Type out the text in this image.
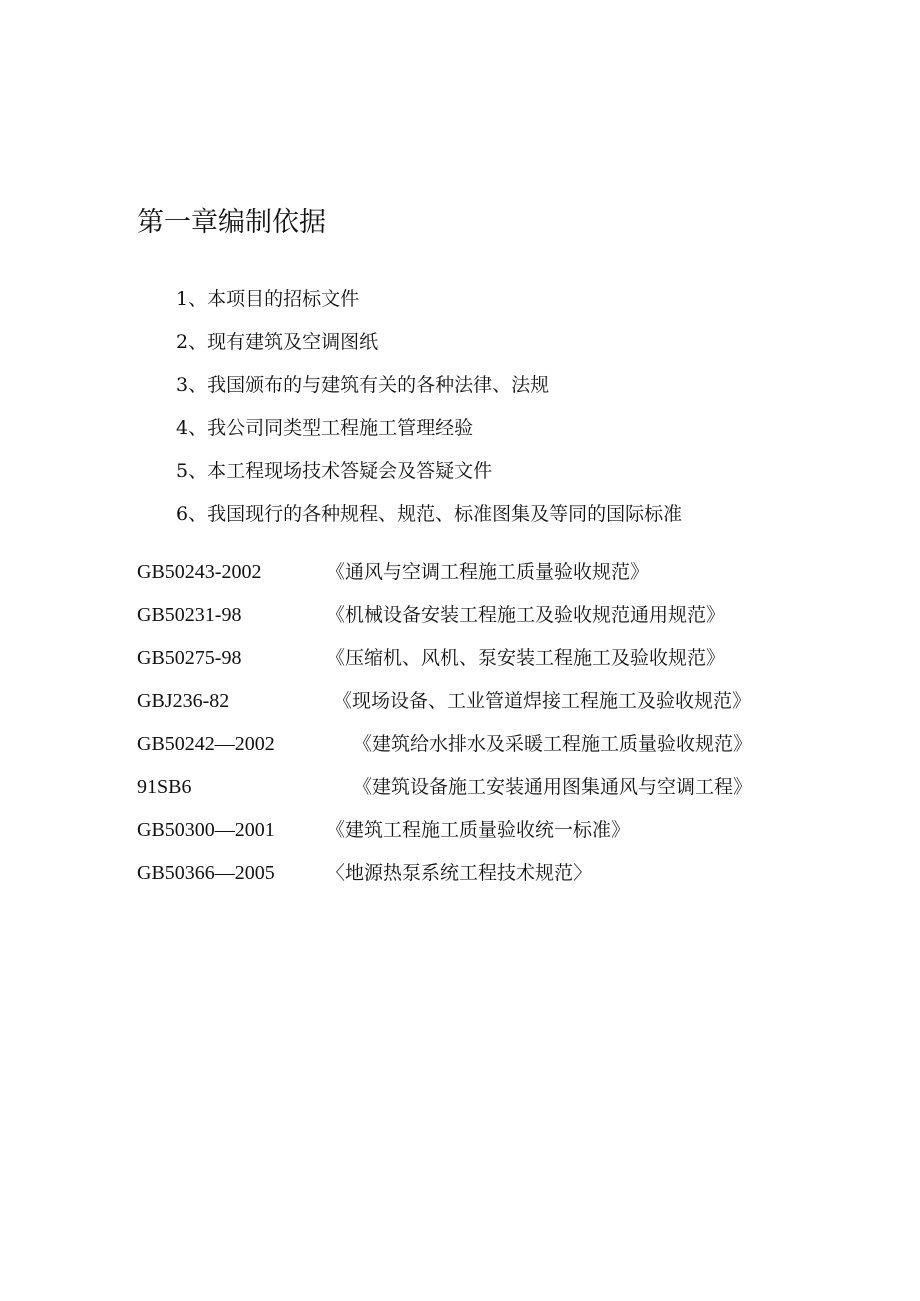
第一章编制依据
1、本项目的招标文件
2、现有建筑及空调图纸
3、我国颁布的与建筑有关的各种法律、法规
4、我公司同类型工程施工管理经验
5、本工程现场技术答疑会及答疑文件
6、我国现行的各种规程、规范、标准图集及等同的国际标准
GB50243-2002	《通风与空调工程施工质量验收规范》
GB50231-98	《机械设备安装工程施工及验收规范通用规范》
GB50275-98	《压缩机、风机、泵安装工程施工及验收规范》
GBJ236-82	《现场设备、工业管道焊接工程施工及验收规范》
GB50242—2002	《建筑给水排水及采暖工程施工质量验收规范》
91SB6	《建筑设备施工安装通用图集通风与空调工程》
GB50300—2001	《建筑工程施工质量验收统一标准》
GB50366—2005	〈地源热泵系统工程技术规范〉
